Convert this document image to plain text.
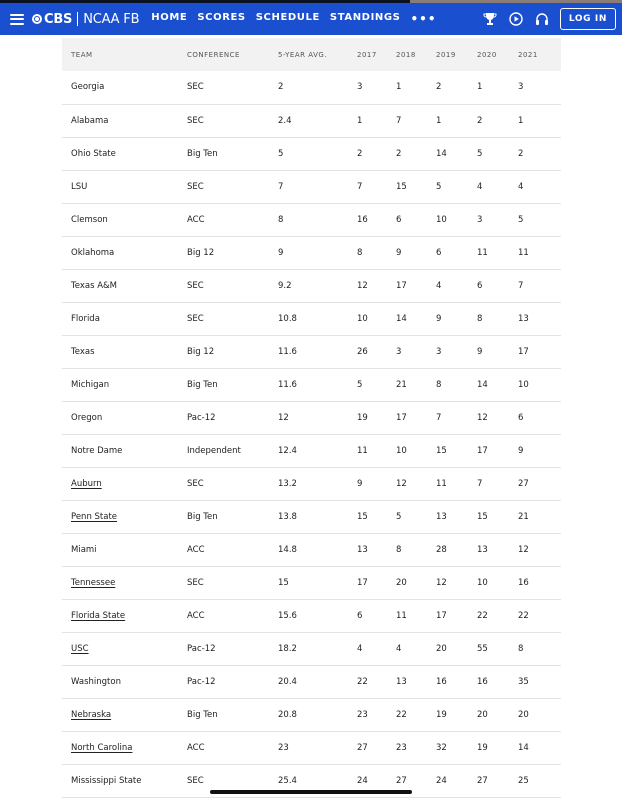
CBS NCAA FB HOME SCORES SCHEDULE STANDINGS •••	LOG IN
TEAM	CONFERENCE	5-YEAR AVG.	2017	2018	2019	2020	2021
Georgia	SEC	2	3	1	2	1	3
Alabama	SEC	2.4	1	7	1	2	1
Ohio State	Big Ten	5	2	2	14	5	2
LSU	SEC	7	7	15	5	4	4
Clemson	ACC	8	16	6	10	3	5
Oklahoma	Big 12	9	8	9	6	11	11
Texas A&M	SEC	9.2	12	17	4	6	7
Florida	SEC	10.8	10	14	9	8	13
Texas	Big 12	11.6	26	3	3	9	17
Michigan	Big Ten	11.6	5	21	8	14	10
Oregon	Pac-12	12	19	17	7	12	6
Notre Dame	Independent	12.4	11	10	15	17	9
Auburn	SEC	13.2	9	12	11	7	27
Penn State	Big Ten	13.8	15	5	13	15	21
Miami	ACC	14.8	13	8	28	13	12
Tennessee	SEC	15	17	20	12	10	16
Florida State	ACC	15.6	6	11	17	22	22
USC	Pac-12	18.2	4	4	20	55	8
Washington	Pac-12	20.4	22	13	16	16	35
Nebraska	Big Ten	20.8	23	22	19	20	20
North Carolina	ACC	23	27	23	32	19	14
Mississippi State	SEC	25.4	24	27	24	27	25
